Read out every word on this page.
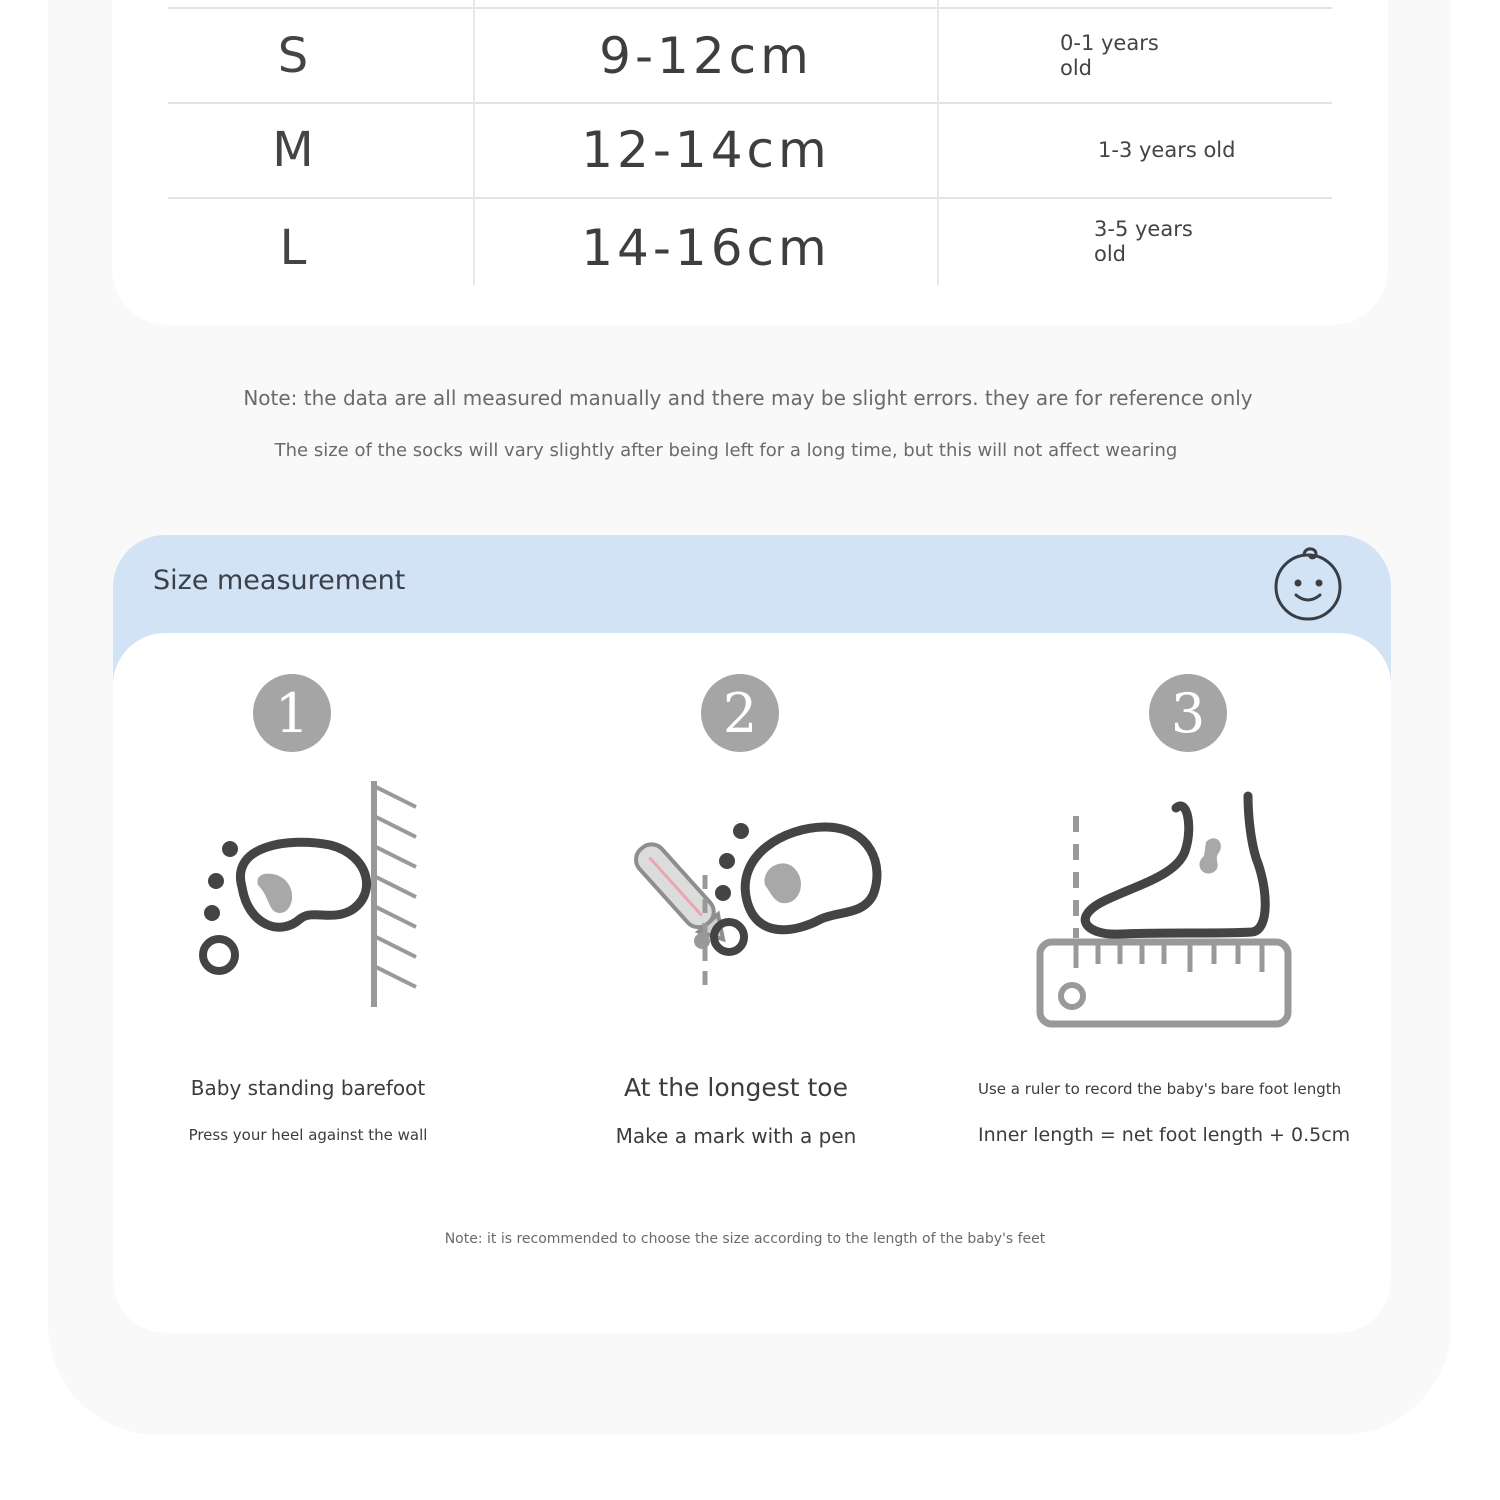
S	9-12cm	0-1 years old
M	12-14cm	1-3 years old
L	14-16cm	3-5 years old
Note: the data are all measured manually and there may be slight errors. they are for reference only
The size of the socks will vary slightly after being left for a long time, but this will not affect wearing
Size measurement
1	2	3
Baby standing barefoot
Press your heel against the wall
At the longest toe
Make a mark with a pen
Use a ruler to record the baby's bare foot length
Inner length = net foot length + 0.5cm
Note: it is recommended to choose the size according to the length of the baby's feet
